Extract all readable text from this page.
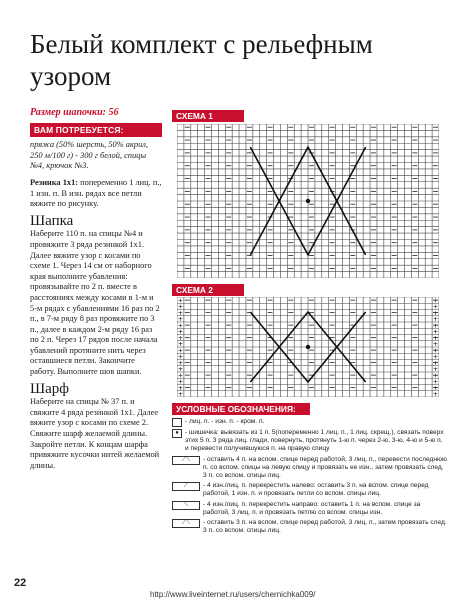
Белый комплект с рельефным узором
Размер шапочки: 56
ВАМ ПОТРЕБУЕТСЯ:
пряжа (50% шерсть, 50% акрил, 250 м/100 г) - 300 г белой, спицы №4, крючок №3.

Резинка 1х1: попеременно 1 лиц. п., 1 изн. п. В изн. рядах все петли вяжите по рисунку.

Шапка

Наберите 110 п. на спицы №4 и провяжите 3 ряда резинкой 1х1. Далее вяжите узор с косами по схеме 1. Через 14 см от наборного края выполните убавления: провязывайте по 2 п. вместе в расстояниях между косами в 1-м и 5-м рядах с убавлениями 16 раз по 2 п., в 7-м ряду 8 раз провяжите по 3 п., далее в каждом 2-м ряду 16 раз по 2 п. Через 17 рядов после начала убавлений протяните нить через оставшиеся петли. Закончите работу. Выполните шов шапки.

Шарф

Наберите на спицы № 37 п. и свяжите 4 ряда резинкой 1х1. Далее вяжите узор с косами по схеме 2. Свяжите шарф желаемой длины. Закройте петли. К концам шарфа привяжите кусочки нитей желаемой длины.

22
СХЕМА 1
СХЕМА 2
+	+
+	+
+	+
+	+
+	+
+	+
+	+
+	+
+	+
+	+
+	+
+	+
+	+
+	+
+	+
+	+
УСЛОВНЫЕ ОБОЗНАЧЕНИЯ:
- лиц. п. - изн. п. - кром. п.
● - шишечка: вывязать из 1 п. 5(попеременно 1 лиц. п., 1 лиц. скрещ.), связать поверх этих 5 п. 3 ряда лиц. глади, повернуть, протянуть 1-ю п. через 2-ю, 3-ю, 4-ю и 5-ю п. и перевести получившуюся п. на правую спицу
⟋⟍	- оставить 4 п. на вспом. спице перед работой, 3 лиц. п., перевести последнюю п. со вспом. спицы на левую спицу и провязать ее изн., затем провязать след. 3 п. со вспом. спицы лиц.
⟋	- 4 изн./лиц. п. перекрестить налево: оставить 3 п. на вспом. спице перед работой, 1 изн. п. и провязать петли со вспом. спицы лиц.
⟍	- 4 изн./лиц. п. перекрестить направо: оставить 1 п. на вспом. спице за работой, 3 лиц. п. и провязать петлю со вспом. спицы изн.
⟋⟍	- оставить 3 п. на вспом. спице перед работой, 3 лиц. п., затем провязать след. 3 п. со вспом. спицы лиц.
http://www.liveinternet.ru/users/chernichka009/
